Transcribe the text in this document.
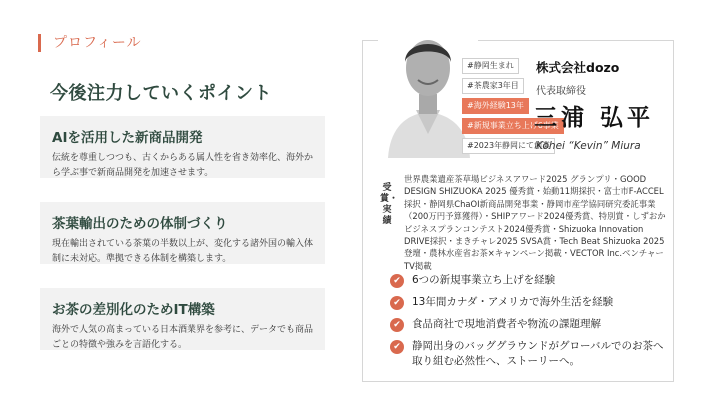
プロフィール
今後注力していくポイント
AIを活用した新商品開発
伝統を尊重しつつも、古くからある属人性を省き効率化、海外から学ぶ事で新商品開発を加速させます。
茶葉輸出のための体制づくり
現在輸出されている茶葉の半数以上が、変化する諸外国の輸入体制に未対応。準拠できる体制を構築します。
お茶の差別化のためIT構築
海外で人気の高まっている日本酒業界を参考に、データでも商品ごとの特徴や強みを言語化する。
#静岡生まれ
#茶農家3年目
#海外経験13年
#新規事業立ち上げ6事業
#2023年静岡にて創業
株式会社dozo
代表取締役
三浦 弘平
Kohei “Kevin” Miura
受賞・実績
世界農業遺産茶草場ビジネスアワード2025 グランプリ・GOOD DESIGN SHIZUOKA 2025 優秀賞・始動11期採択・富士市F-ACCEL採択・静岡県ChaOI新商品開発事業・静岡市産学協同研究委託事業（200万円予算獲得）・SHIPアワード2024優秀賞、特別賞・しずおかビジネスプランコンテスト2024優秀賞・Shizuoka Innovation DRIVE採択・まきチャレ2025 SVSA賞・Tech Beat Shizuoka 2025登壇・農林水産省お茶×キャンペーン掲載・VECTOR Inc.ベンチャーTV掲載
✔	6つの新規事業立ち上げを経験
✔	13年間カナダ・アメリカで海外生活を経験
✔	食品商社で現地消費者や物流の課題理解
✔	静岡出身のバッググラウンドがグローバルでのお茶へ取り組む必然性へ、ストーリーへ。
